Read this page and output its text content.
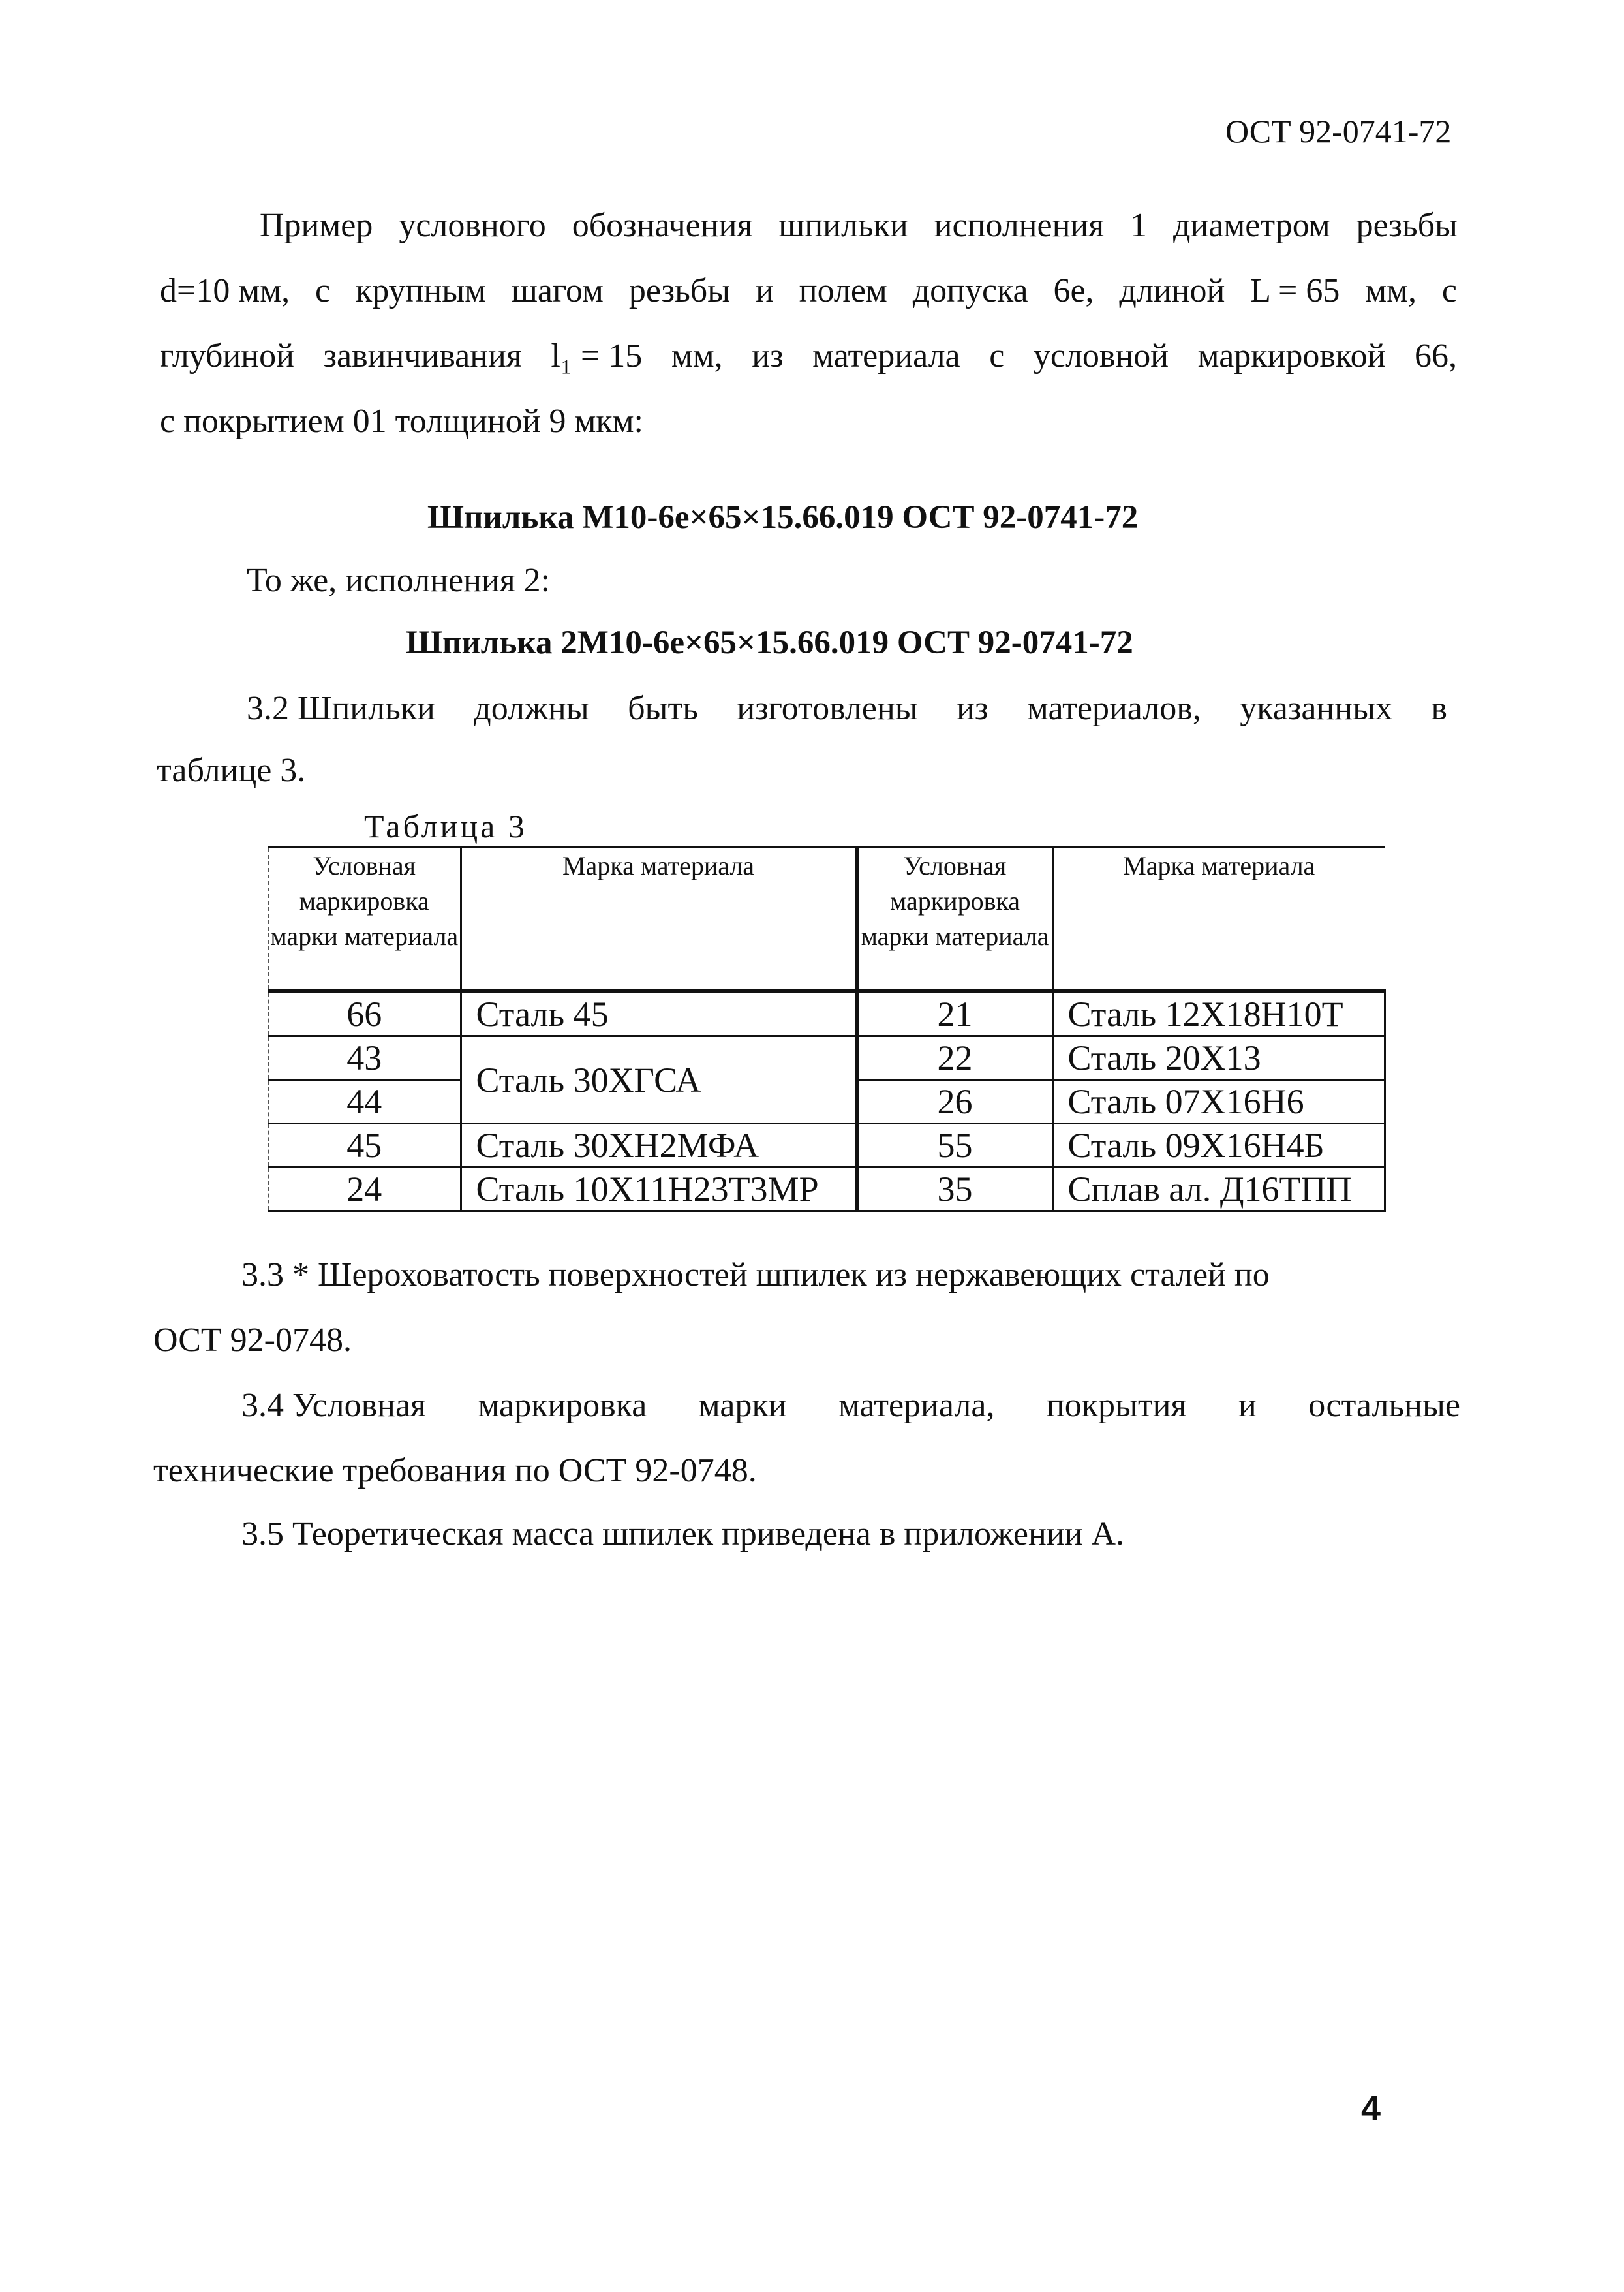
ОСТ 92-0741-72
Пример условного обозначения шпильки исполнения 1 диаметром резьбы
d=10 мм, с крупным шагом резьбы и полем допуска 6e, длиной L = 65 мм, с
глубиной завинчивания l₁ = 15 мм, из материала с условной маркировкой 66,
с покрытием 01 толщиной 9 мкм:
Шпилька М10-6е×65×15.66.019 ОСТ 92-0741-72
То же, исполнения 2:
Шпилька 2М10-6е×65×15.66.019 ОСТ 92-0741-72
3.2 Шпильки должны быть изготовлены из материалов, указанных в
таблице 3.
Таблица 3
Условная маркировка марки материала	Марка материала	Условная маркировка марки материала	Марка материала
66	Сталь 45	21	Сталь 12Х18Н10Т
43	Сталь 30ХГСА	22	Сталь 20Х13
44		26	Сталь 07Х16Н6
45	Сталь 30ХН2МФА	55	Сталь 09Х16Н4Б
24	Сталь 10Х11Н23Т3МР	35	Сплав ал. Д16ТПП
3.3 * Шероховатость поверхностей шпилек из нержавеющих сталей по
ОСТ 92-0748.
3.4 Условная маркировка марки материала, покрытия и остальные
технические требования по ОСТ 92-0748.
3.5 Теоретическая масса шпилек приведена в приложении А.
4
